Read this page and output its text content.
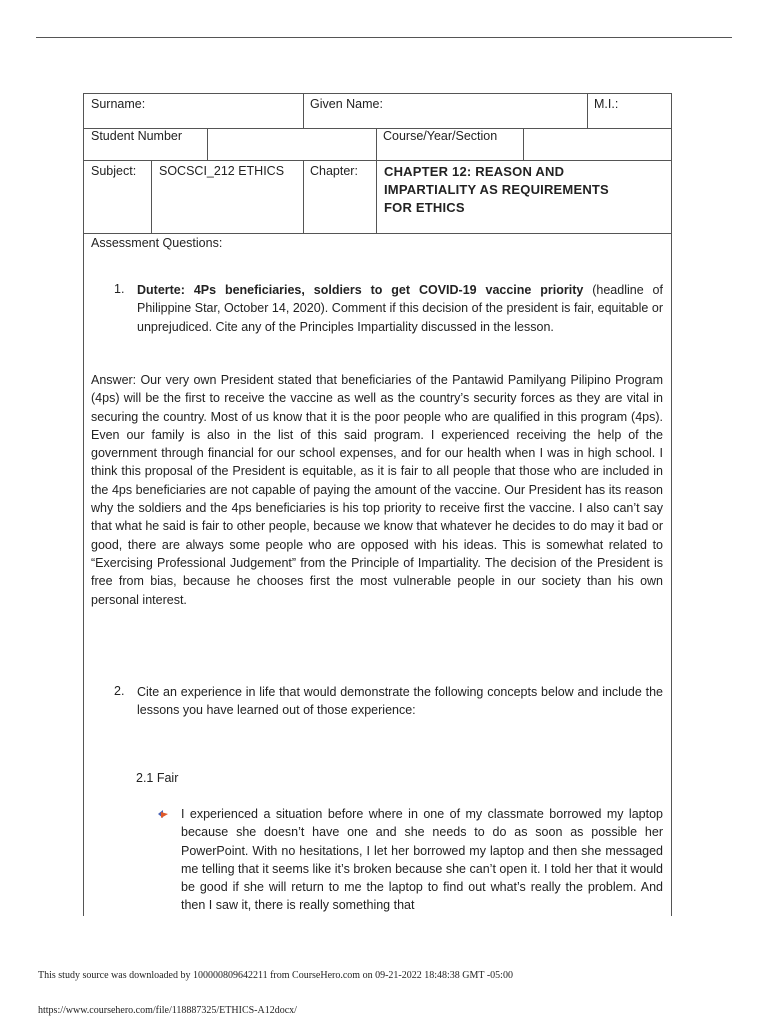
Surname:	Given Name:	M.I.:
Student Number	Course/Year/Section
Subject: SOCSCI_212 ETHICS Chapter: CHAPTER 12: REASON AND
IMPARTIALITY AS REQUIREMENTS
FOR ETHICS
Assessment Questions:
1. Duterte: 4Ps beneficiaries, soldiers to get COVID-19 vaccine priority (headline of Philippine Star, October 14, 2020). Comment if this decision of the president is fair, equitable or unprejudiced. Cite any of the Principles Impartiality discussed in the lesson.
Answer: Our very own President stated that beneficiaries of the Pantawid Pamilyang Pilipino Program (4ps) will be the first to receive the vaccine as well as the country’s security forces as they are vital in securing the country. Most of us know that it is the poor people who are qualified in this program (4ps). Even our family is also in the list of this said program. I experienced receiving the help of the government through financial for our school expenses, and for our health when I was in high school. I think this proposal of the President is equitable, as it is fair to all people that those who are included in the 4ps beneficiaries are not capable of paying the amount of the vaccine. Our President has its reason why the soldiers and the 4ps beneficiaries is his top priority to receive first the vaccine. I also can’t say that what he said is fair to other people, because we know that whatever he decides to do may it bad or good, there are always some people who are opposed with his ideas. This is somewhat related to “Exercising Professional Judgement” from the Principle of Impartiality. The decision of the President is free from bias, because he chooses first the most vulnerable people in our society than his own personal interest.
2. Cite an experience in life that would demonstrate the following concepts below and include the lessons you have learned out of those experience:
2.1 Fair
I experienced a situation before where in one of my classmate borrowed my laptop because she doesn’t have one and she needs to do as soon as possible her PowerPoint. With no hesitations, I let her borrowed my laptop and then she messaged me telling that it seems like it’s broken because she can’t open it. I told her that it would be good if she will return to me the laptop to find out what’s really the problem. And then I saw it, there is really something that
This study source was downloaded by 100000809642211 from CourseHero.com on 09-21-2022 18:48:38 GMT -05:00
https://www.coursehero.com/file/118887325/ETHICS-A12docx/
